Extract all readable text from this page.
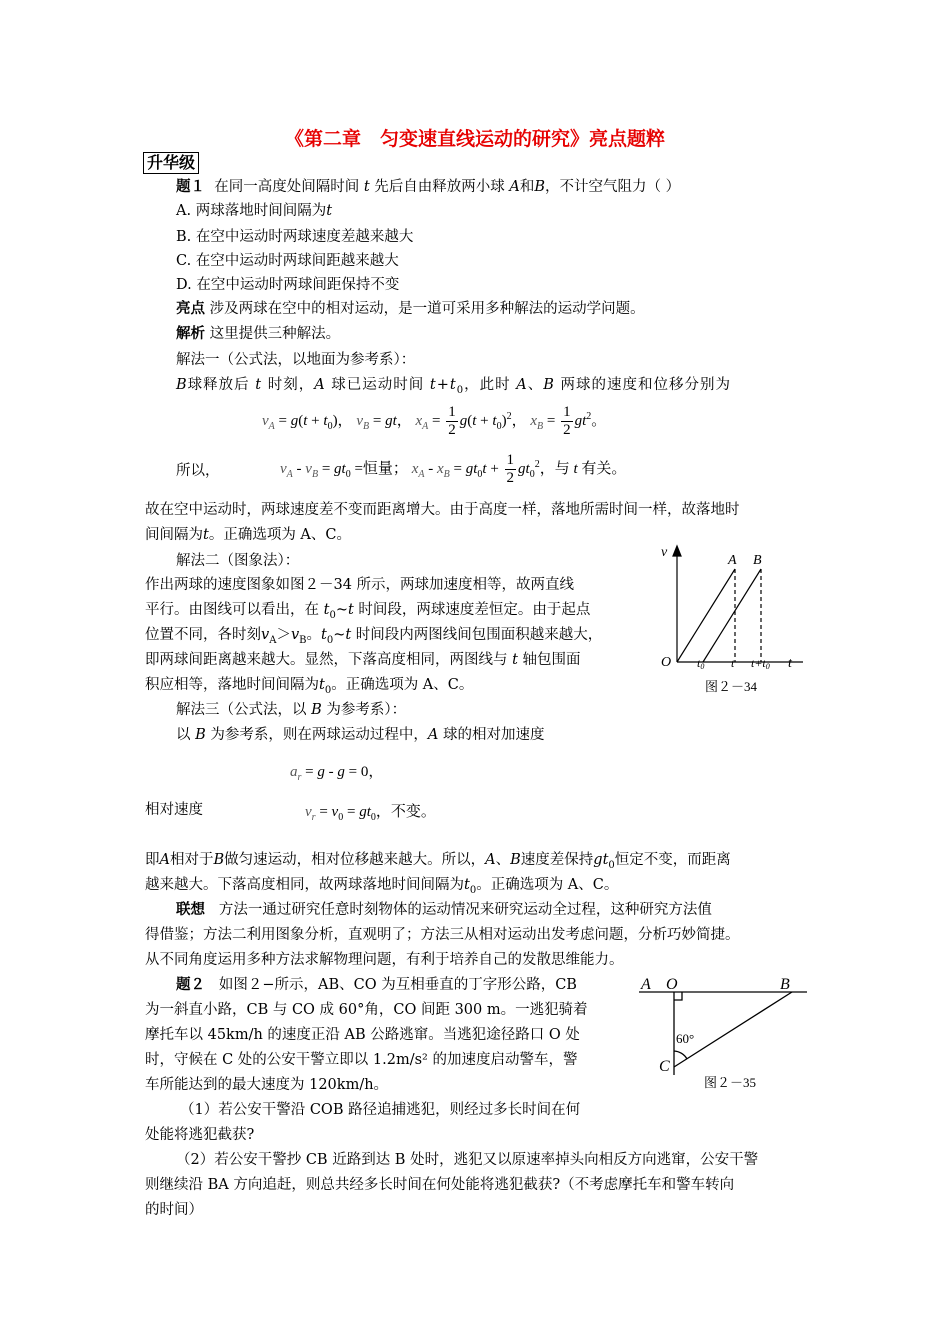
《第二章　匀变速直线运动的研究》亮点题粹
升华级
题１ 在同一高度处间隔时间 t 先后自由释放两小球 A和B，不计空气阻力（ ）
A. 两球落地时间间隔为t
B. 在空中运动时两球速度差越来越大
C. 在空中运动时两球间距越来越大
D. 在空中运动时两球间距保持不变
亮点 涉及两球在空中的相对运动，是一道可采用多种解法的运动学问题。
解析 这里提供三种解法。
解法一（公式法，以地面为参考系）：
B球释放后 t 时刻，A 球已运动时间 $t+t_0$，此时 A、B 两球的速度和位移分别为
$v_A = g(t + t_0)$， $v_B$ = gt， $x_A = \frac{1}{2} g(t + t_0)^2$， $x_B = \frac{1}{2} gt^2$。
所以，	$v_A - v_B = gt_0$ =恒量； $x_A - x_B = gt_0t + \frac{1}{2} gt_0^2$，与 t 有关。
故在空中运动时，两球速度差不变而距离增大。由于高度一样，落地所需时间一样，故落地时
间间隔为t。正确选项为 A、C。
解法二（图象法）：
作出两球的速度图象如图２－34 所示，两球加速度相等，故两直线
平行。由图线可以看出，在 $t_0\sim t$ 时间段，两球速度差恒定。由于起点
位置不同，各时刻$v_A>v_B$。$t_0\sim t$ 时间段内两图线间包围面积越来越大，
即两球间距离越来越大。显然，下落高度相同，两图线与 t 轴包围面
积应相等，落地时间间隔为$t_0$。正确选项为 A、C。
v
A B
O t0 t t+t0 t
图２－34
解法三（公式法，以 B 为参考系）：
以 B 为参考系，则在两球运动过程中，A 球的相对加速度
$a_r = g - g = 0$，
相对速度	$v_r = v_0 = gt_0$，不变。
即A相对于B做匀速运动，相对位移越来越大。所以，A、B速度差保持$gt_0$恒定不变，而距离
越来越大。下落高度相同，故两球落地时间间隔为$t_0$。正确选项为 A、C。
联想 方法一通过研究任意时刻物体的运动情况来研究运动全过程，这种研究方法值
得借鉴；方法二利用图象分析，直观明了；方法三从相对运动出发考虑问题，分析巧妙简捷。
从不同角度运用多种方法求解物理问题，有利于培养自己的发散思维能力。
题２ 如图２−所示，AB、CO 为互相垂直的丁字形公路，CB
为一斜直小路，CB 与 CO 成 60°角，CO 间距 300 m。一逃犯骑着
摩托车以 45km/h 的速度正沿 AB 公路逃窜。当逃犯途径路口 O 处
时，守候在 C 处的公安干警立即以 1.2m/s² 的加速度启动警车，警
车所能达到的最大速度为 120km/h。
（1）若公安干警沿 COB 路径追捕逃犯，则经过多长时间在何
处能将逃犯截获?
（2）若公安干警抄 CB 近路到达 B 处时，逃犯又以原速率掉头向相反方向逃窜，公安干警
则继续沿 BA 方向追赶，则总共经多长时间在何处能将逃犯截获?（不考虑摩托车和警车转向
的时间）
A O	B
C
60°
图２－35
